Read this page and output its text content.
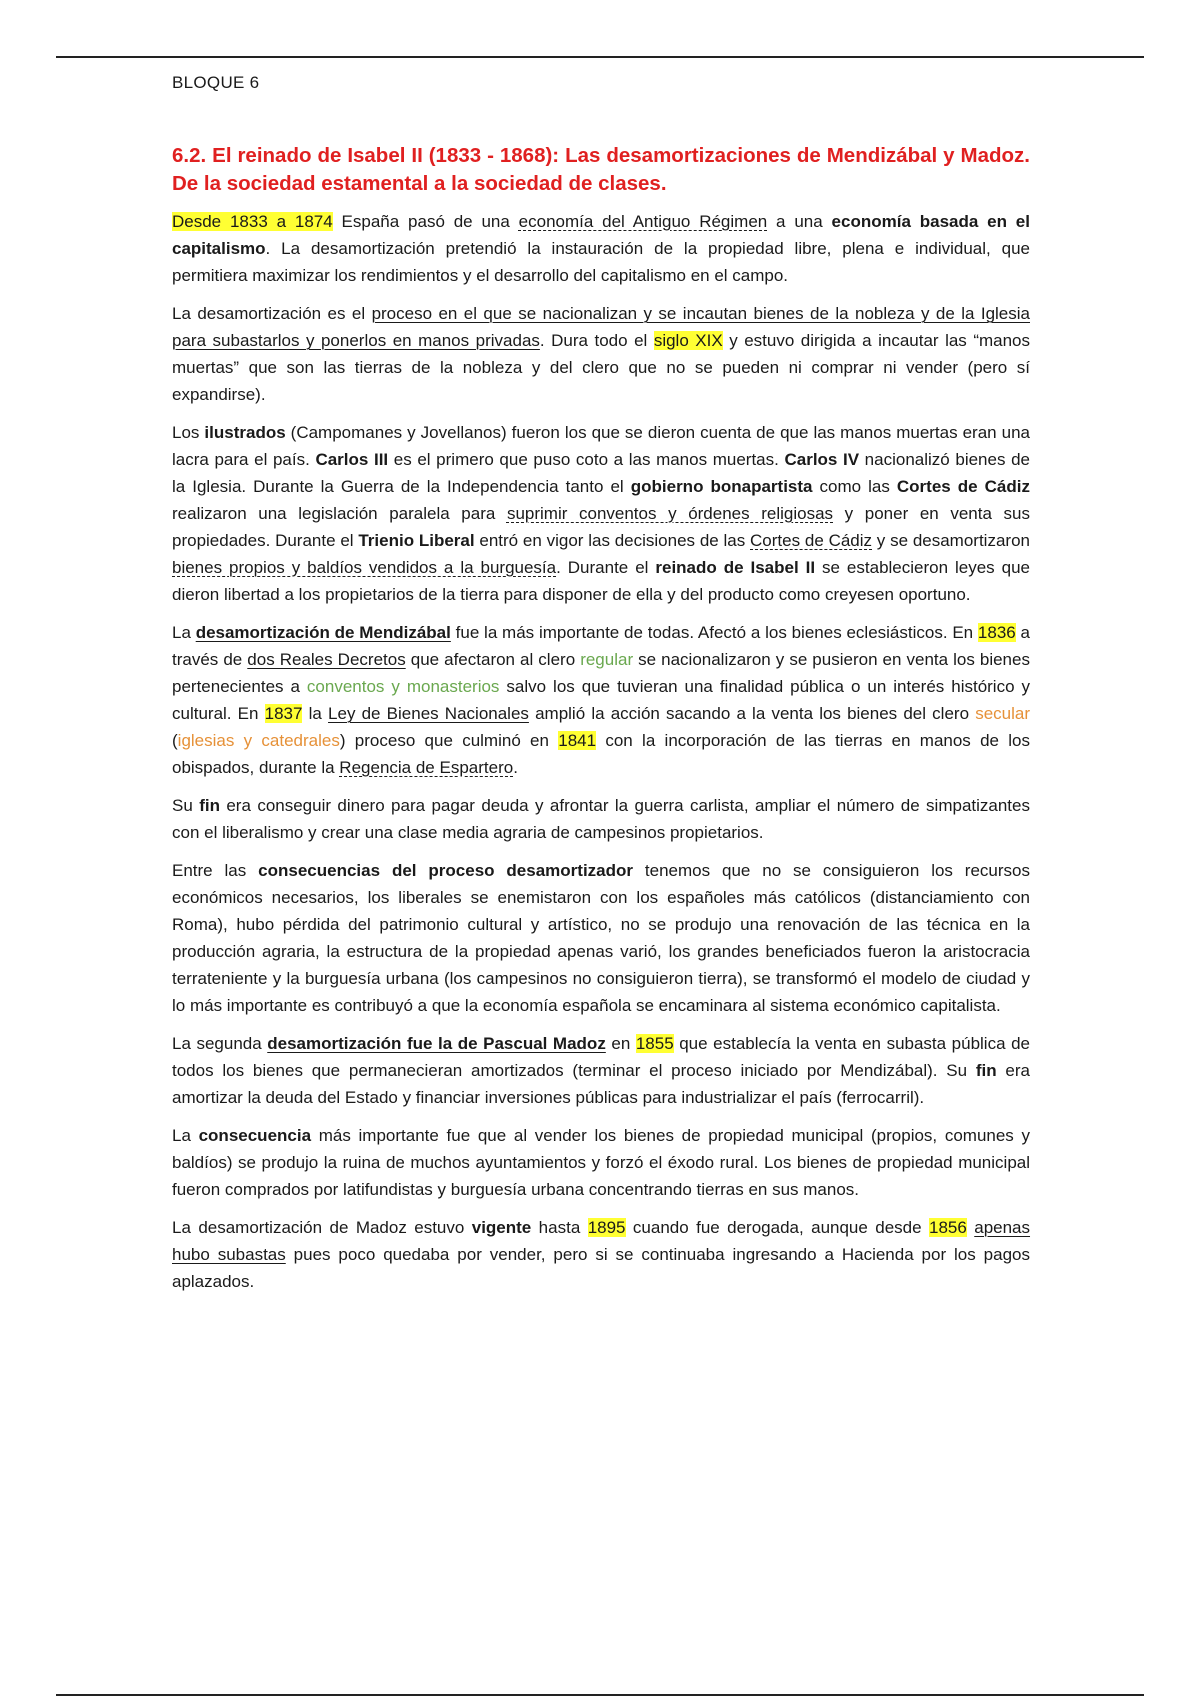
BLOQUE 6
6.2. El reinado de Isabel II (1833 - 1868): Las desamortizaciones de Mendizábal y Madoz. De la sociedad estamental a la sociedad de clases.

Desde 1833 a 1874 España pasó de una economía del Antiguo Régimen a una economía basada en el capitalismo. La desamortización pretendió la instauración de la propiedad libre, plena e individual, que permitiera maximizar los rendimientos y el desarrollo del capitalismo en el campo.

La desamortización es el proceso en el que se nacionalizan y se incautan bienes de la nobleza y de la Iglesia para subastarlos y ponerlos en manos privadas. Dura todo el siglo XIX y estuvo dirigida a incautar las “manos muertas” que son las tierras de la nobleza y del clero que no se pueden ni comprar ni vender (pero sí expandirse).

Los ilustrados (Campomanes y Jovellanos) fueron los que se dieron cuenta de que las manos muertas eran una lacra para el país. Carlos III es el primero que puso coto a las manos muertas. Carlos IV nacionalizó bienes de la Iglesia. Durante la Guerra de la Independencia tanto el gobierno bonapartista como las Cortes de Cádiz realizaron una legislación paralela para suprimir conventos y órdenes religiosas y poner en venta sus propiedades. Durante el Trienio Liberal entró en vigor las decisiones de las Cortes de Cádiz y se desamortizaron bienes propios y baldíos vendidos a la burguesía. Durante el reinado de Isabel II se establecieron leyes que dieron libertad a los propietarios de la tierra para disponer de ella y del producto como creyesen oportuno.

La desamortización de Mendizábal fue la más importante de todas. Afectó a los bienes eclesiásticos. En 1836 a través de dos Reales Decretos que afectaron al clero regular se nacionalizaron y se pusieron en venta los bienes pertenecientes a conventos y monasterios salvo los que tuvieran una finalidad pública o un interés histórico y cultural. En 1837 la Ley de Bienes Nacionales amplió la acción sacando a la venta los bienes del clero secular (iglesias y catedrales) proceso que culminó en 1841 con la incorporación de las tierras en manos de los obispados, durante la Regencia de Espartero.

Su fin era conseguir dinero para pagar deuda y afrontar la guerra carlista, ampliar el número de simpatizantes con el liberalismo y crear una clase media agraria de campesinos propietarios.

Entre las consecuencias del proceso desamortizador tenemos que no se consiguieron los recursos económicos necesarios, los liberales se enemistaron con los españoles más católicos (distanciamiento con Roma), hubo pérdida del patrimonio cultural y artístico, no se produjo una renovación de las técnica en la producción agraria, la estructura de la propiedad apenas varió, los grandes beneficiados fueron la aristocracia terrateniente y la burguesía urbana (los campesinos no consiguieron tierra), se transformó el modelo de ciudad y lo más importante es contribuyó a que la economía española se encaminara al sistema económico capitalista.

La segunda desamortización fue la de Pascual Madoz en 1855 que establecía la venta en subasta pública de todos los bienes que permanecieran amortizados (terminar el proceso iniciado por Mendizábal). Su fin era amortizar la deuda del Estado y financiar inversiones públicas para industrializar el país (ferrocarril).

La consecuencia más importante fue que al vender los bienes de propiedad municipal (propios, comunes y baldíos) se produjo la ruina de muchos ayuntamientos y forzó el éxodo rural. Los bienes de propiedad municipal fueron comprados por latifundistas y burguesía urbana concentrando tierras en sus manos.

La desamortización de Madoz estuvo vigente hasta 1895 cuando fue derogada, aunque desde 1856 apenas hubo subastas pues poco quedaba por vender, pero si se continuaba ingresando a Hacienda por los pagos aplazados.
